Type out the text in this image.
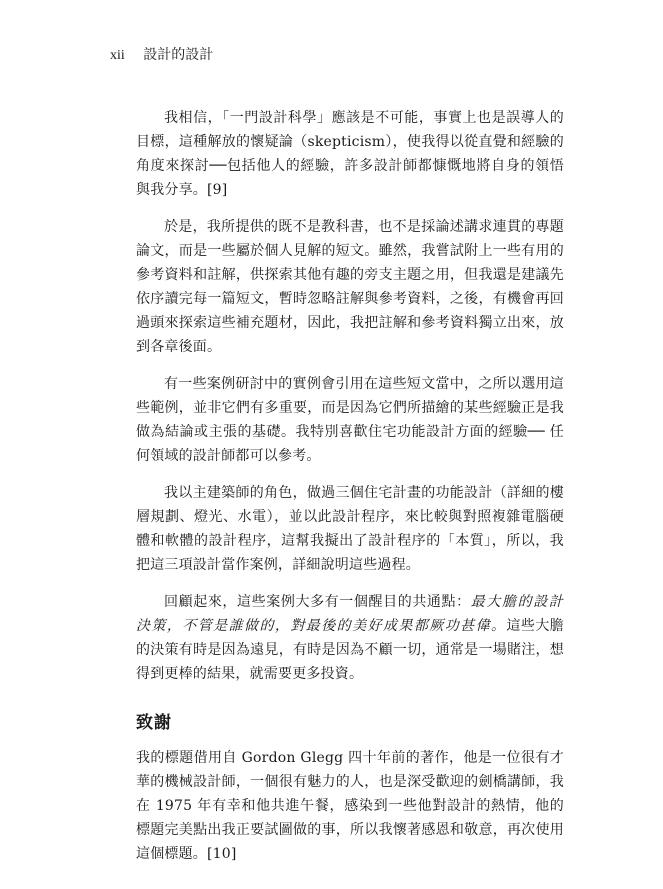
xii 設計的設計

我相信，「一門設計科學」應該是不可能，事實上也是誤導人的目標，這種解放的懷疑論（skepticism），使我得以從直覺和經驗的角度來探討──包括他人的經驗，許多設計師都慷慨地將自身的領悟與我分享。[9]

於是，我所提供的既不是教科書，也不是採論述講求連貫的專題論文，而是一些屬於個人見解的短文。雖然，我嘗試附上一些有用的參考資料和註解，供探索其他有趣的旁支主題之用，但我還是建議先依序讀完每一篇短文，暫時忽略註解與參考資料，之後，有機會再回過頭來探索這些補充題材，因此，我把註解和參考資料獨立出來，放到各章後面。

有一些案例研討中的實例會引用在這些短文當中，之所以選用這些範例，並非它們有多重要，而是因為它們所描繪的某些經驗正是我做為結論或主張的基礎。我特別喜歡住宅功能設計方面的經驗── 任何領域的設計師都可以參考。

我以主建築師的角色，做過三個住宅計畫的功能設計（詳細的樓層規劃、燈光、水電），並以此設計程序，來比較與對照複雜電腦硬體和軟體的設計程序，這幫我擬出了設計程序的「本質」，所以，我把這三項設計當作案例，詳細說明這些過程。

回顧起來，這些案例大多有一個醒目的共通點：最大膽的設計決策，不管是誰做的，對最後的美好成果都厥功甚偉。這些大膽的決策有時是因為遠見，有時是因為不顧一切，通常是一場賭注，想得到更棒的結果，就需要更多投資。

致謝

我的標題借用自 Gordon Glegg 四十年前的著作，他是一位很有才華的機械設計師，一個很有魅力的人，也是深受歡迎的劍橋講師，我在 1975 年有幸和他共進午餐，感染到一些他對設計的熱情，他的標題完美點出我正要試圖做的事，所以我懷著感恩和敬意，再次使用這個標題。[10]
